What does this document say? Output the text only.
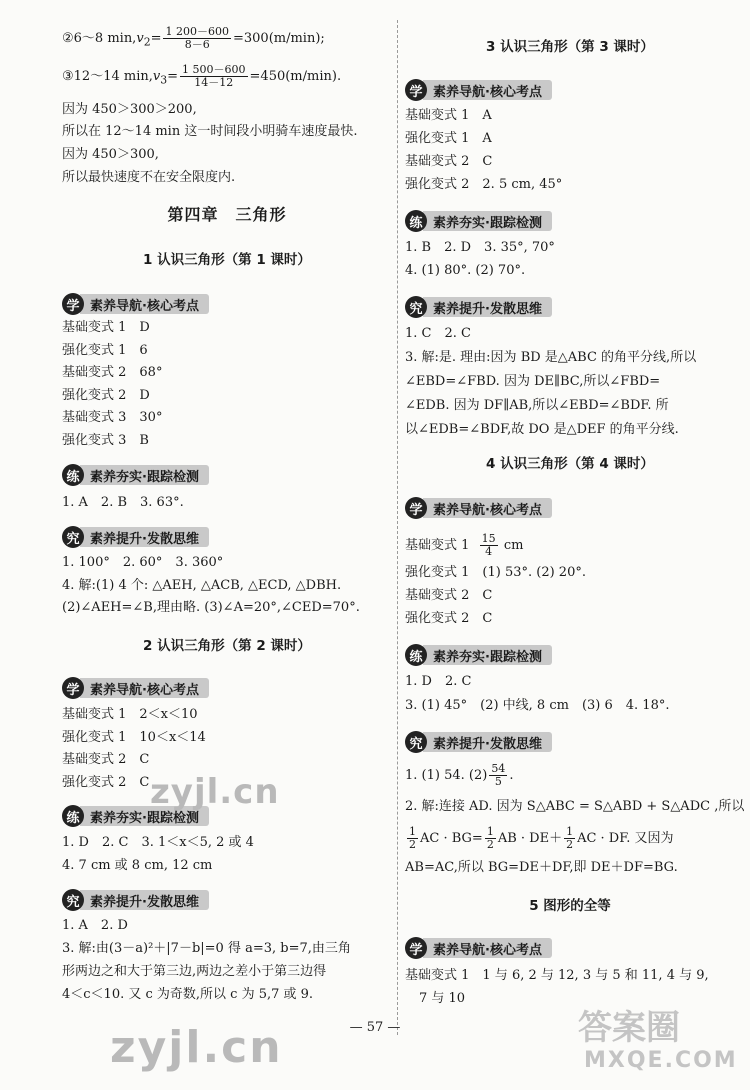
②6～8 $\min,v_2= \frac{1 200-600}{8-6} =300(m/\min)$;
③12～14 $\min,v_3= \frac{1 500-600}{14-12} =450(m/\min)$.
因为 450＞300＞200,
所以在 12～14 min 这一时间段小明骑车速度最快.
因为 450＞300,
所以最快速度不在安全限度内.
第四章　三角形
1 认识三角形（第 1 课时）
学 素养导航·核心考点
基础变式 1　D
强化变式 1　6
基础变式 2　68°
强化变式 2　D
基础变式 3　30°
强化变式 3　B
练 素养夯实·跟踪检测
1. A　2. B　3. 63°.
究 素养提升·发散思维
1. 100°　2. 60°　3. 360°
4. 解:(1) 4 个: △AEH, △ACB, △ECD, △DBH.
(2)∠AEH=∠B,理由略. (3)∠A=20°,∠CED=70°.
2 认识三角形（第 2 课时）
学 素养导航·核心考点
基础变式 1　2＜x＜10
强化变式 1　10＜x＜14
基础变式 2　C
强化变式 2　C
练 素养夯实·跟踪检测
1. D　2. C　3. 1＜x＜5, 2 或 4
4. 7 cm 或 8 cm, 12 cm
究 素养提升·发散思维
1. A　2. D
3. 解:由(3－a)²＋|7－b|=0 得 a=3, b=7,由三角
形两边之和大于第三边,两边之差小于第三边得
4＜c＜10. 又 c 为奇数,所以 c 为 5,7 或 9.
3 认识三角形（第 3 课时）
学 素养导航·核心考点
基础变式 1　A
强化变式 1　A
基础变式 2　C
强化变式 2　2. 5 cm, 45°
练 素养夯实·跟踪检测
1. B　2. D　3. 35°, 70°
4. (1) 80°. (2) 70°.
究 素养提升·发散思维
1. C　2. C
3. 解:是. 理由:因为 BD 是△ABC 的角平分线,所以
∠EBD=∠FBD. 因为 DE∥BC,所以∠FBD=
∠EDB. 因为 DF∥AB,所以∠EBD=∠BDF. 所
以∠EDB=∠BDF,故 DO 是△DEF 的角平分线.
4 认识三角形（第 4 课时）
学 素养导航·核心考点
基础变式 $1 \frac{15}{4}$ cm
强化变式 1　(1) 53°. (2) 20°.
基础变式 2　C
强化变式 2　C
练 素养夯实·跟踪检测
1. D　2. C
3. (1) 45°　(2) 中线, 8 cm　(3) 6　4. 18°.
究 素养提升·发散思维
1. (1) 54. $(2) \frac{54}{5}$ .
2. 解:连接 AD. 因为 S△ABC = S△ABD + S△ADC ,所以
$\frac{1}{2}$ AC · $BG= \frac{1}{2}$ AB · $DE+ \frac{1}{2}$ AC · DF. 又因为
AB=AC,所以 BG=DE＋DF,即 DE＋DF=BG.
5 图形的全等
学 素养导航·核心考点
基础变式 1　1 与 6, 2 与 12, 3 与 5 和 11, 4 与 9,
7 与 10
— 57 —
zyjl.cn
zyjl.cn	答案圈
MXQE.COM
